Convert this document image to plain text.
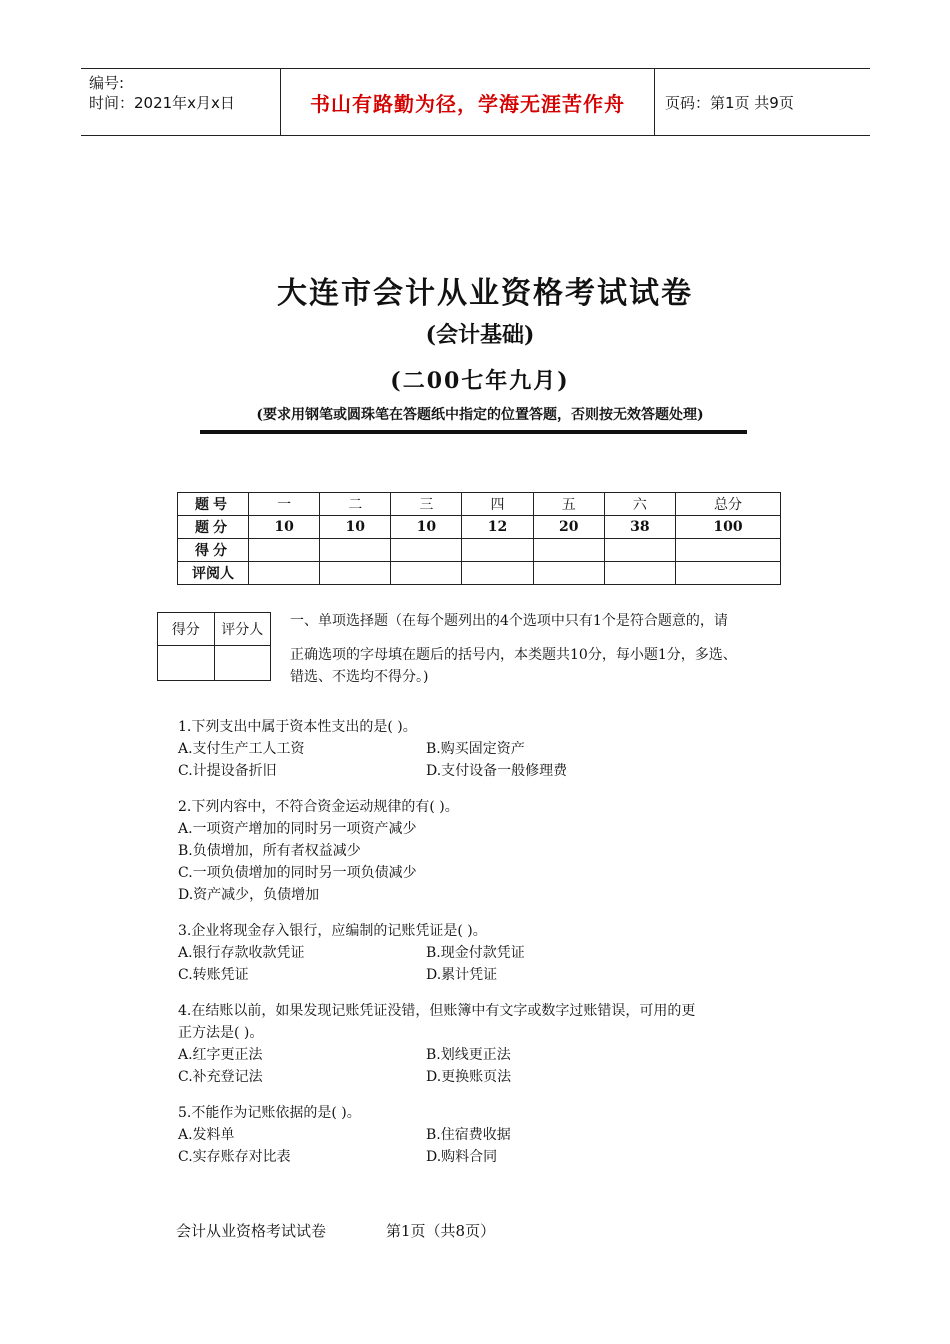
编号:
时间：2021年x月x日	书山有路勤为径，学海无涯苦作舟	页码：第1页 共9页
大连市会计从业资格考试试卷
(会计基础)
(二00七年九月)
(要求用钢笔或圆珠笔在答题纸中指定的位置答题，否则按无效答题处理)
题号	一	二	三	四	五	六	总分
题分	10	10	10	12	20	38	100
得分							
评阅人							
得分	评分人

一、单项选择题（在每个题列出的4个选项中只有1个是符合题意的，请
正确选项的字母填在题后的括号内，本类题共10分，每小题1分，多选、
错选、不选均不得分。)
1.下列支出中属于资本性支出的是( )。
A.支付生产工人工资	B.购买固定资产
C.计提设备折旧	D.支付设备一般修理费
2.下列内容中，不符合资金运动规律的有( )。
A.一项资产增加的同时另一项资产减少
B.负债增加，所有者权益减少
C.一项负债增加的同时另一项负债减少
D.资产减少，负债增加
3.企业将现金存入银行，应编制的记账凭证是( )。
A.银行存款收款凭证	B.现金付款凭证
C.转账凭证	D.累计凭证
4.在结账以前，如果发现记账凭证没错，但账簿中有文字或数字过账错误，可用的更
正方法是( )。
A.红字更正法	B.划线更正法
C.补充登记法	D.更换账页法
5.不能作为记账依据的是( )。
A.发料单	B.住宿费收据
C.实存账存对比表	D.购料合同
会计从业资格考试试卷	第1页（共8页）
